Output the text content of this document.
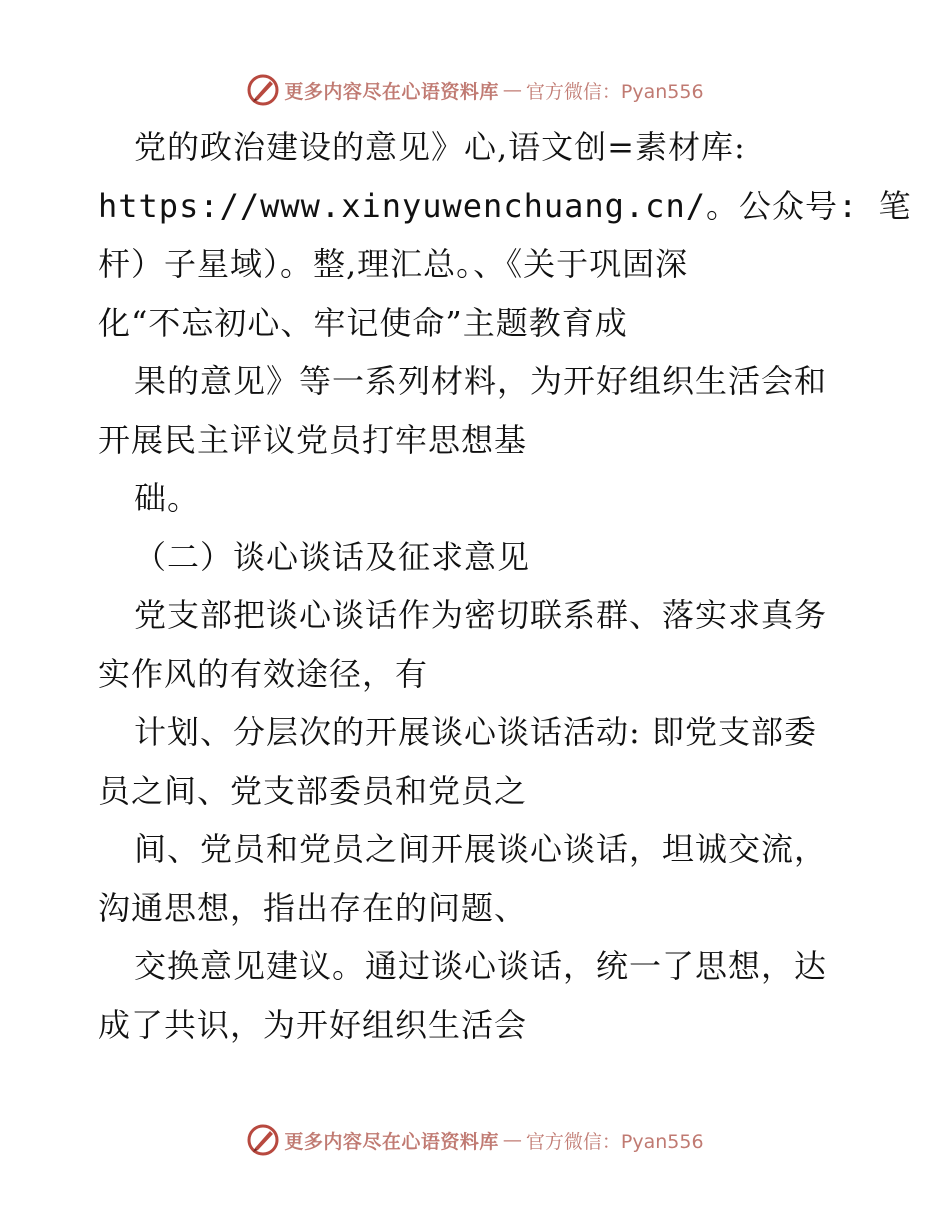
更多内容尽在心语资料库 — 官方微信：Pyan556
党的政治建设的意见》心,语文创=素材库:
https://www.xinyuwenchuang.cn/。公众号: 笔
杆）子星域）。整,理汇总。、《关于巩固深
化“不忘初心、牢记使命”主题教育成
果的意见》等一系列材料，为开好组织生活会和
开展民主评议党员打牢思想基
础。
（二）谈心谈话及征求意见
党支部把谈心谈话作为密切联系群、落实求真务
实作风的有效途径，有
计划、分层次的开展谈心谈话活动: 即党支部委
员之间、党支部委员和党员之
间、党员和党员之间开展谈心谈话，坦诚交流，
沟通思想，指出存在的问题、
交换意见建议。通过谈心谈话，统一了思想，达
成了共识，为开好组织生活会
更多内容尽在心语资料库 — 官方微信：Pyan556
